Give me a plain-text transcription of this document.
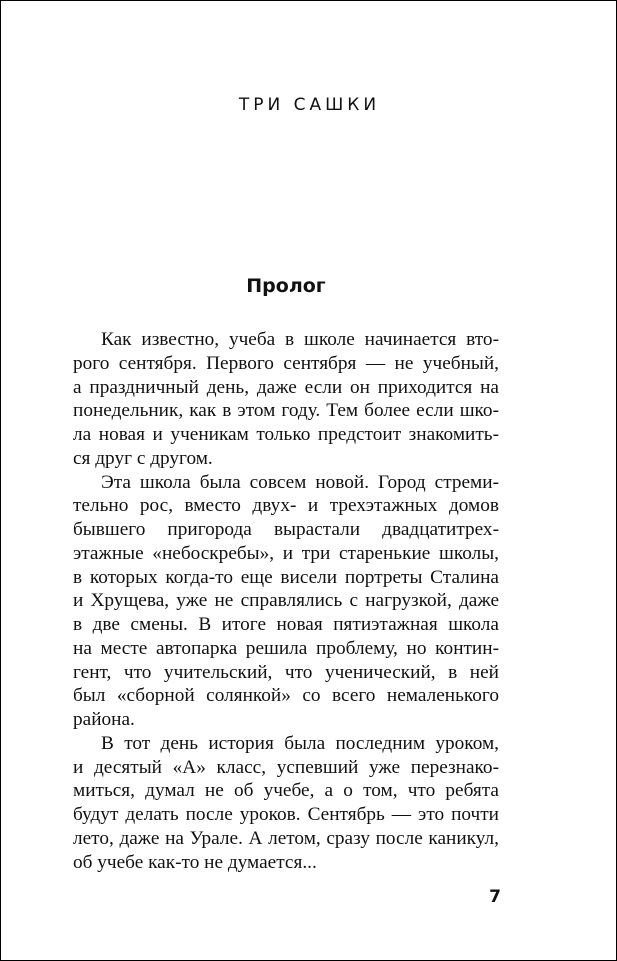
ТРИ САШКИ
Пролог

Как известно, учеба в школе начинается вто-
рого сентября. Первого сентября — не учебный,
а праздничный день, даже если он приходится на
понедельник, как в этом году. Тем более если шко-
ла новая и ученикам только предстоит знакомить-
ся друг с другом.

Эта школа была совсем новой. Город стреми-
тельно рос, вместо двух- и трехэтажных домов
бывшего пригорода вырастали двадцатитрех-
этажные «небоскребы», и три старенькие школы,
в которых когда-то еще висели портреты Сталина
и Хрущева, уже не справлялись с нагрузкой, даже
в две смены. В итоге новая пятиэтажная школа
на месте автопарка решила проблему, но контин-
гент, что учительский, что ученический, в ней
был «сборной солянкой» со всего немаленького
района.

В тот день история была последним уроком,
и десятый «А» класс, успевший уже перезнако-
миться, думал не об учебе, а о том, что ребята
будут делать после уроков. Сентябрь — это почти
лето, даже на Урале. А летом, сразу после каникул,
об учебе как-то не думается...

7
